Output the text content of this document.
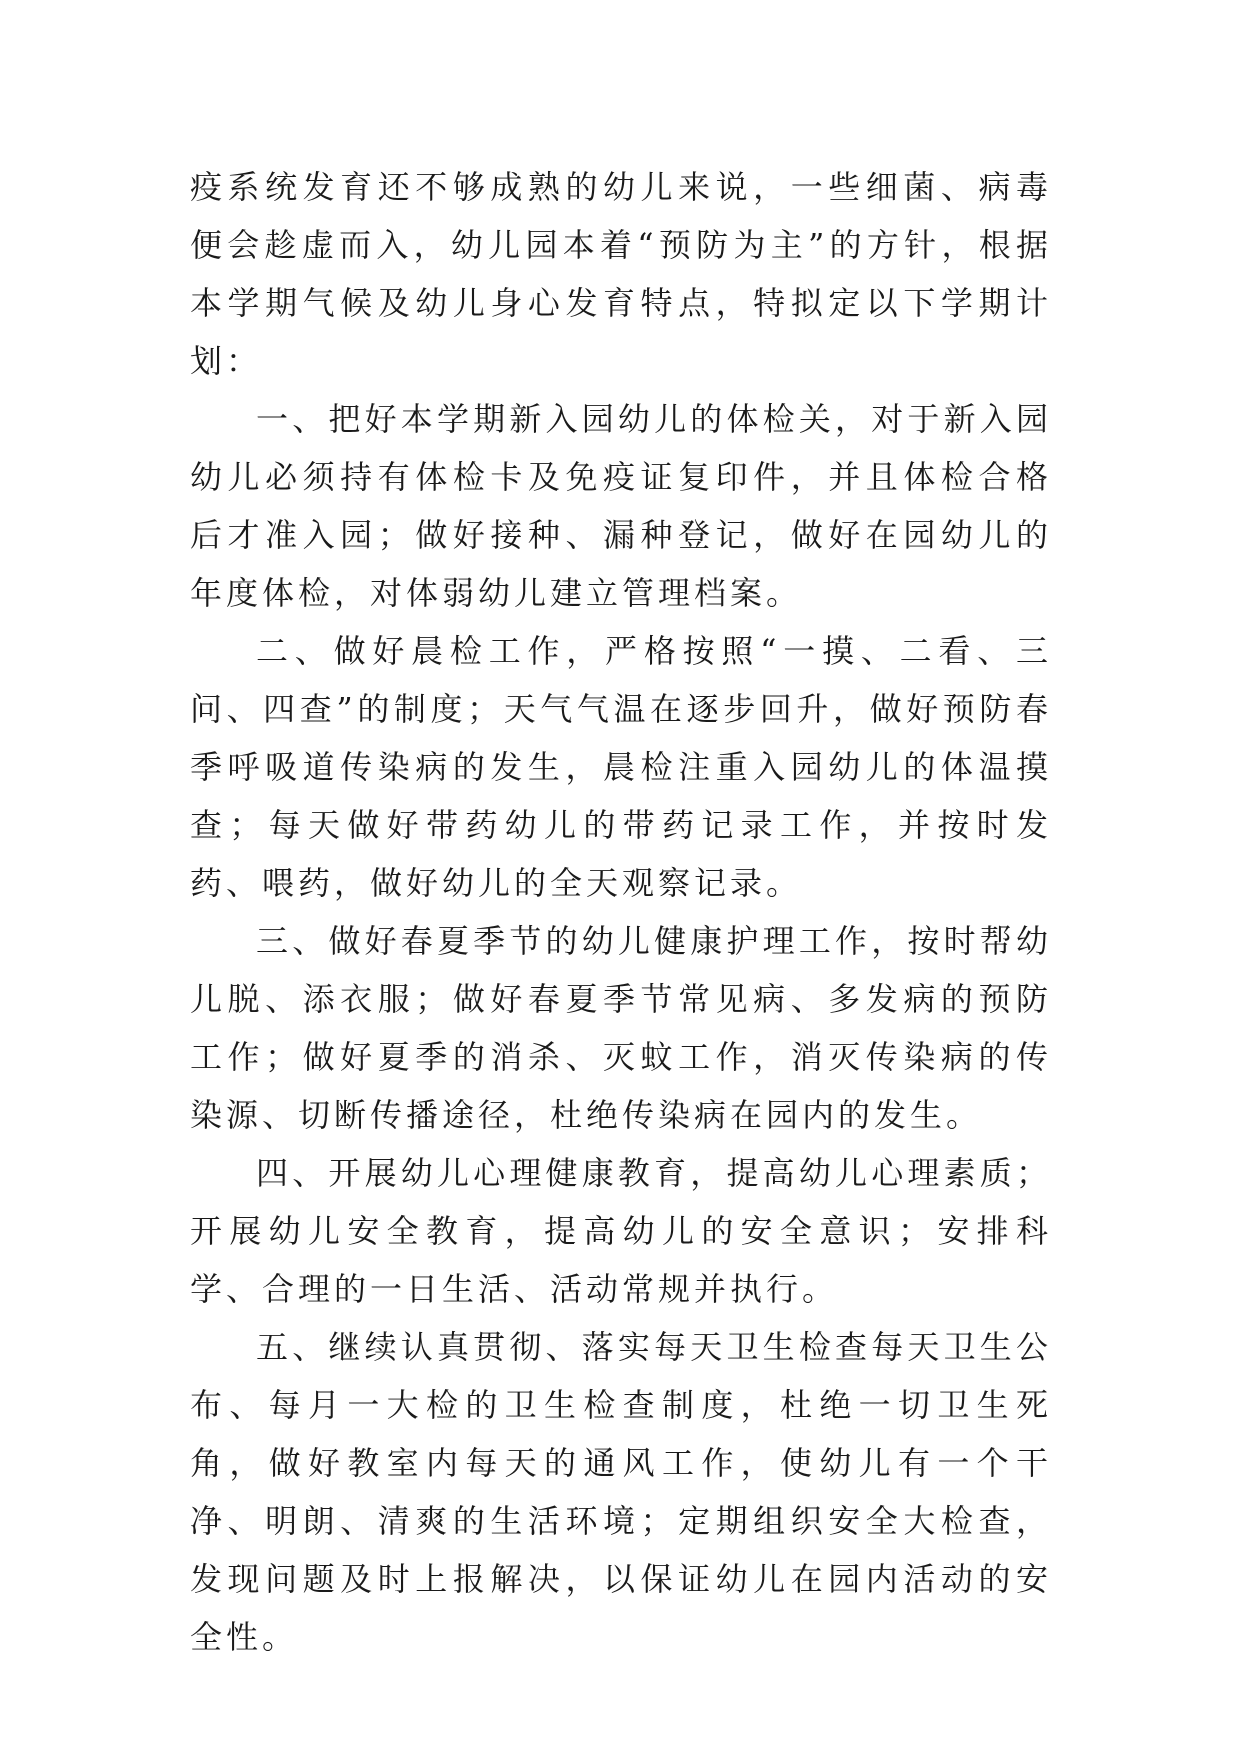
疫系统发育还不够成熟的幼儿来说，一些细菌、病毒便会趁虚而入，幼儿园本着“预防为主”的方针，根据本学期气候及幼儿身心发育特点，特拟定以下学期计划：

一、把好本学期新入园幼儿的体检关，对于新入园幼儿必须持有体检卡及免疫证复印件，并且体检合格后才准入园；做好接种、漏种登记，做好在园幼儿的年度体检，对体弱幼儿建立管理档案。

二、做好晨检工作，严格按照“一摸、二看、三问、四查”的制度；天气气温在逐步回升，做好预防春季呼吸道传染病的发生，晨检注重入园幼儿的体温摸查；每天做好带药幼儿的带药记录工作，并按时发药、喂药，做好幼儿的全天观察记录。

三、做好春夏季节的幼儿健康护理工作，按时帮幼儿脱、添衣服；做好春夏季节常见病、多发病的预防工作；做好夏季的消杀、灭蚊工作，消灭传染病的传染源、切断传播途径，杜绝传染病在园内的发生。

四、开展幼儿心理健康教育，提高幼儿心理素质；开展幼儿安全教育，提高幼儿的安全意识；安排科学、合理的一日生活、活动常规并执行。

五、继续认真贯彻、落实每天卫生检查每天卫生公布、每月一大检的卫生检查制度，杜绝一切卫生死角，做好教室内每天的通风工作，使幼儿有一个干净、明朗、清爽的生活环境；定期组织安全大检查，发现问题及时上报解决，以保证幼儿在园内活动的安全性。
